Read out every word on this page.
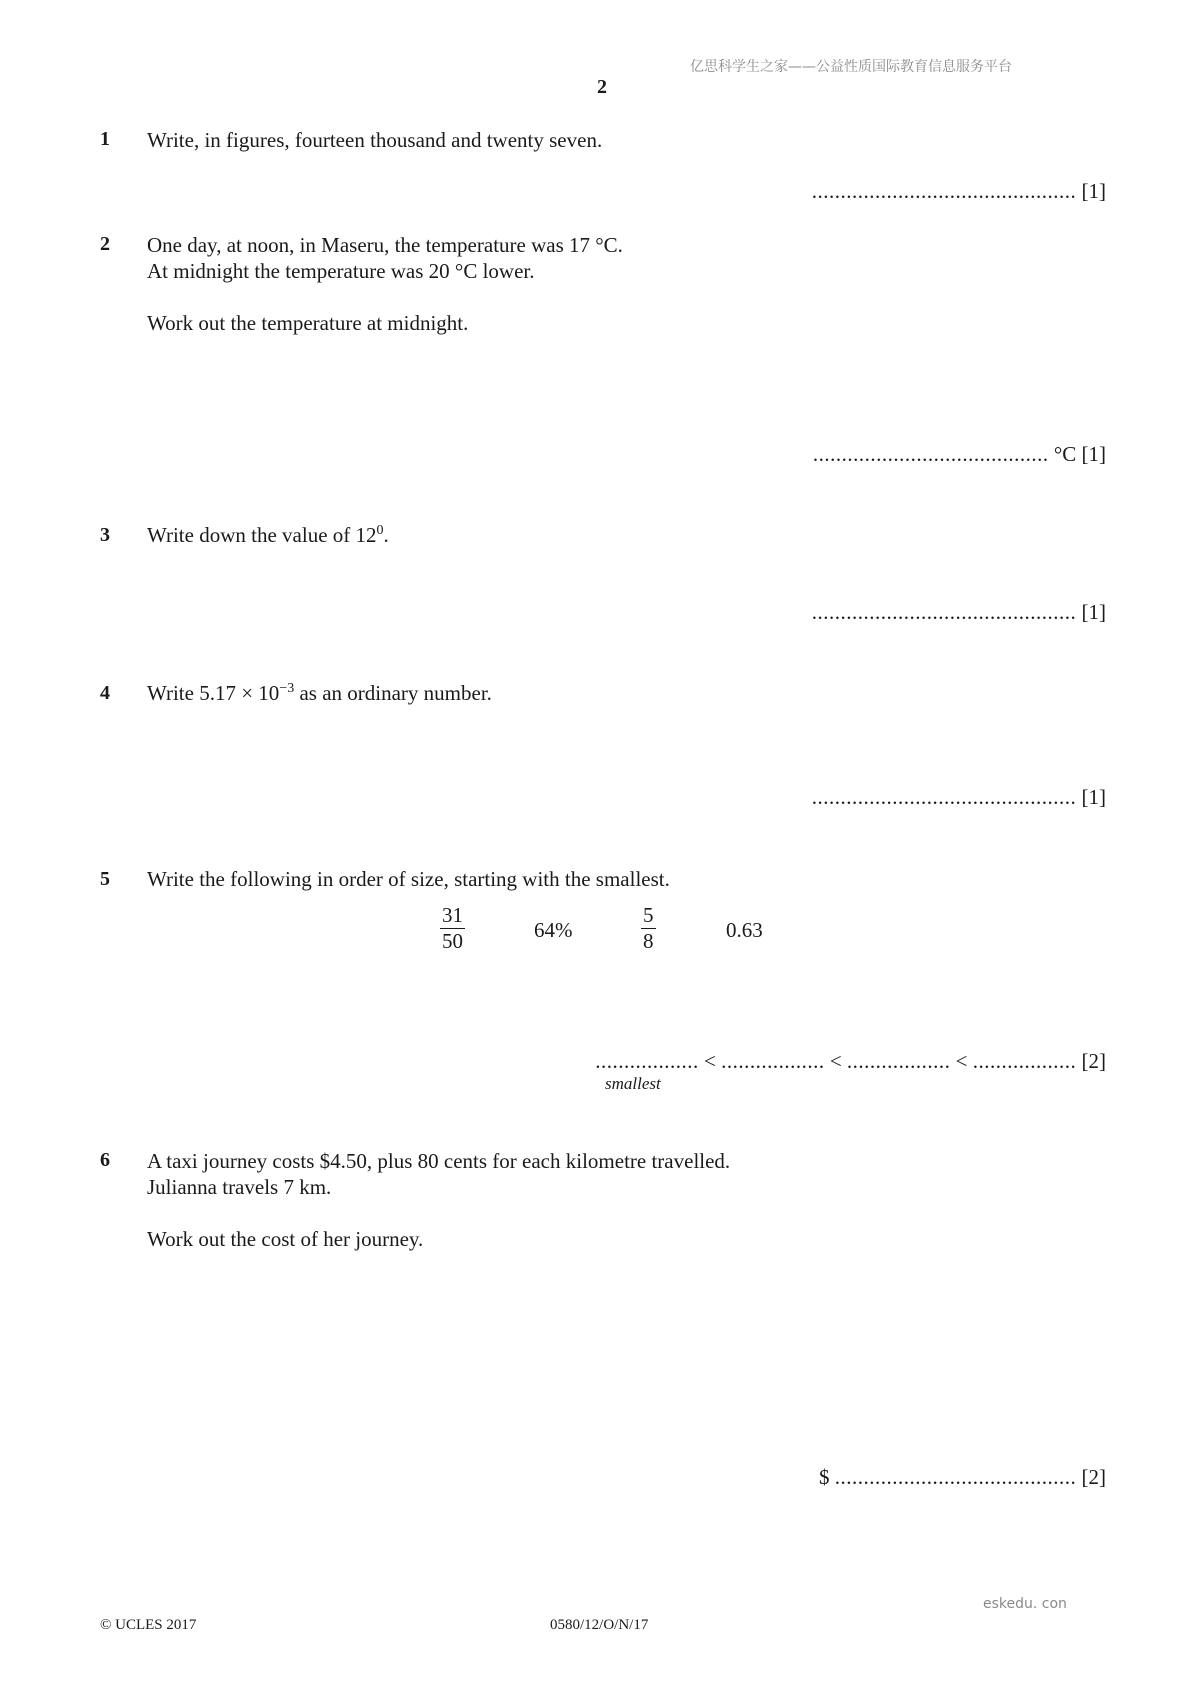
亿思科学生之家——公益性质国际教育信息服务平台
eskedu. con
2
1 Write, in figures, fourteen thousand and twenty seven.
.............................................. [1]
2 One day, at noon, in Maseru, the temperature was 17 °C.
At midnight the temperature was 20 °C lower.
Work out the temperature at midnight.
......................................... °C [1]
3 Write down the value of $12^0$.
.............................................. [1]
4 Write $5.17 \times 10^{-3}$ as an ordinary number.
.............................................. [1]
5 Write the following in order of size, starting with the smallest.
$\frac{31}{50}$	64%	$\frac{5}{8}$	0.63
.................. < .................. < .................. < .................. [2]
smallest
6 A taxi journey costs $4.50, plus 80 cents for each kilometre travelled.
Julianna travels 7 km.
Work out the cost of her journey.
$ .......................................... [2]
© UCLES 2017	0580/12/O/N/17
